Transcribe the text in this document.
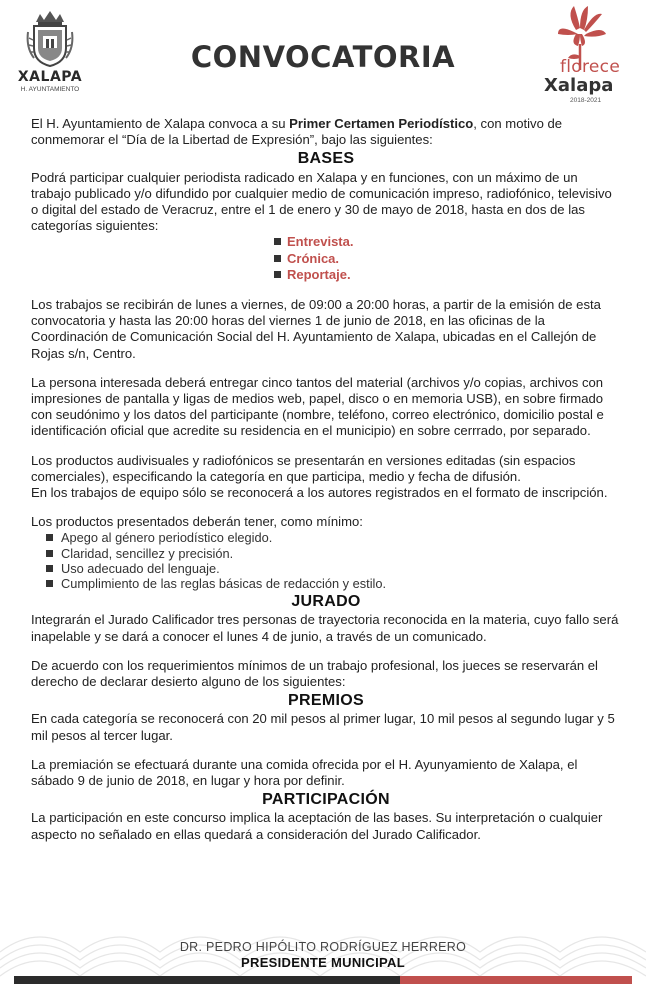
XALAPA
H. AYUNTAMIENTO
CONVOCATORIA	florece
Xalapa
2018-2021

El H. Ayuntamiento de Xalapa convoca a su Primer Certamen Periodístico, con motivo de conmemorar el “Día de la Libertad de Expresión”, bajo las siguientes:

BASES

Podrá participar cualquier periodista radicado en Xalapa y en funciones, con un máximo de un trabajo publicado y/o difundido por cualquier medio de comunicación impreso, radiofónico, televisivo o digital del estado de Veracruz, entre el 1 de enero y 30 de mayo de 2018, hasta en dos de las categorías siguientes:

Entrevista.
Crónica.
Reportaje.

Los trabajos se recibirán de lunes a viernes, de 09:00 a 20:00 horas, a partir de la emisión de esta convocatoria y hasta las 20:00 horas del viernes 1 de junio de 2018, en las oficinas de la Coordinación de Comunicación Social del H. Ayuntamiento de Xalapa, ubicadas en el Callejón de Rojas s/n, Centro.

La persona interesada deberá entregar cinco tantos del material (archivos y/o copias, archivos con impresiones de pantalla y ligas de medios web, papel, disco o en memoria USB), en sobre firmado con seudónimo y los datos del participante (nombre, teléfono, correo electrónico, domicilio postal e identificación oficial que acredite su residencia en el municipio) en sobre cerrrado, por separado.

Los productos audivisuales y radiofónicos se presentarán en versiones editadas (sin espacios comerciales), especificando la categoría en que participa, medio y fecha de difusión.

En los trabajos de equipo sólo se reconocerá a los autores registrados en el formato de inscripción.

Los productos presentados deberán tener, como mínimo:

Apego al género periodístico elegido.
Claridad, sencillez y precisión.
Uso adecuado del lenguaje.
Cumplimiento de las reglas básicas de redacción y estilo.
JURADO

Integrarán el Jurado Calificador tres personas de trayectoria reconocida en la materia, cuyo fallo será inapelable y se dará a conocer el lunes 4 de junio, a través de un comunicado.

De acuerdo con los requerimientos mínimos de un trabajo profesional, los jueces se reservarán el derecho de declarar desierto alguno de los siguientes:

PREMIOS

En cada categoría se reconocerá con 20 mil pesos al primer lugar, 10 mil pesos al segundo lugar y 5 mil pesos al tercer lugar.

La premiación se efectuará durante una comida ofrecida por el H. Ayunyamiento de Xalapa, el sábado 9 de junio de 2018, en lugar y hora por definir.

PARTICIPACIÓN

La participación en este concurso implica la aceptación de las bases. Su interpretación o cualquier aspecto no señalado en ellas quedará a consideración del Jurado Calificador.

DR. PEDRO HIPÓLITO RODRÍGUEZ HERRERO
PRESIDENTE MUNICIPAL
